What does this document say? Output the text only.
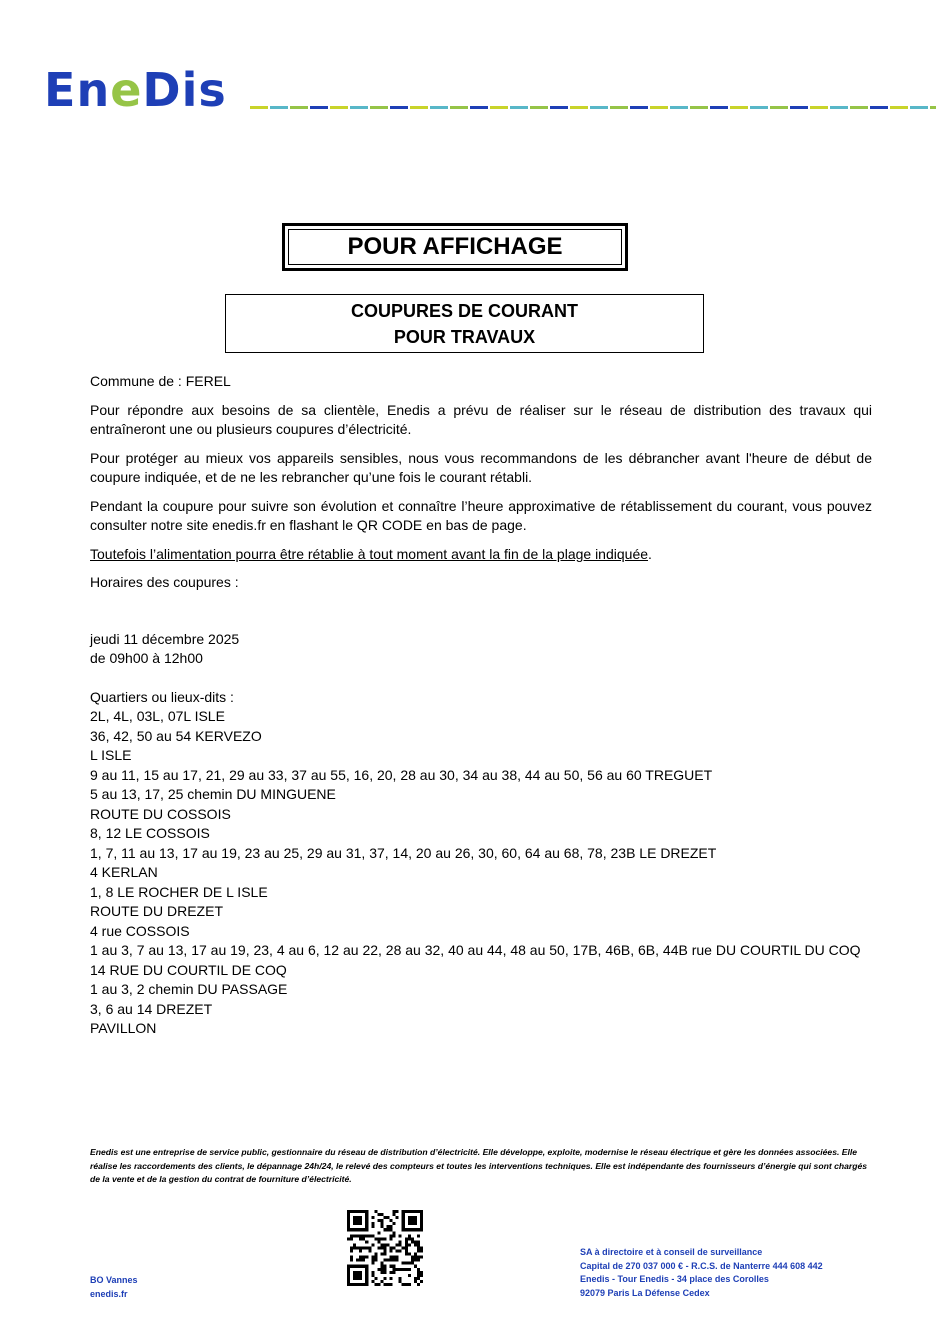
EneDis
POUR AFFICHAGE
COUPURES DE COURANT
POUR TRAVAUX

Commune de : FEREL

Pour répondre aux besoins de sa clientèle, Enedis a prévu de réaliser sur le réseau de distribution des travaux qui entraîneront une ou plusieurs coupures d’électricité.

Pour protéger au mieux vos appareils sensibles, nous vous recommandons de les débrancher avant l'heure de début de coupure indiquée, et de ne les rebrancher qu’une fois le courant rétabli.

Pendant la coupure pour suivre son évolution et connaître l’heure approximative de rétablissement du courant, vous pouvez consulter notre site enedis.fr en flashant le QR CODE en bas de page.

Toutefois l’alimentation pourra être rétablie à tout moment avant la fin de la plage indiquée.

Horaires des coupures :

jeudi 11 décembre 2025
de 09h00 à 12h00
Quartiers ou lieux-dits :
2L, 4L, 03L, 07L ISLE
36, 42, 50 au 54 KERVEZO
L ISLE
9 au 11, 15 au 17, 21, 29 au 33, 37 au 55, 16, 20, 28 au 30, 34 au 38, 44 au 50, 56 au 60 TREGUET
5 au 13, 17, 25 chemin DU MINGUENE
ROUTE DU COSSOIS
8, 12 LE COSSOIS
1, 7, 11 au 13, 17 au 19, 23 au 25, 29 au 31, 37, 14, 20 au 26, 30, 60, 64 au 68, 78, 23B LE DREZET
4 KERLAN
1, 8 LE ROCHER DE L ISLE
ROUTE DU DREZET
4 rue COSSOIS
1 au 3, 7 au 13, 17 au 19, 23, 4 au 6, 12 au 22, 28 au 32, 40 au 44, 48 au 50, 17B, 46B, 6B, 44B rue DU COURTIL DU COQ
14 RUE DU COURTIL DE COQ
1 au 3, 2 chemin DU PASSAGE
3, 6 au 14 DREZET
PAVILLON
Enedis est une entreprise de service public, gestionnaire du réseau de distribution d’électricité. Elle développe, exploite, modernise le réseau électrique et gère les données associées. Elle réalise les raccordements des clients, le dépannage 24h/24, le relevé des compteurs et toutes les interventions techniques. Elle est indépendante des fournisseurs d’énergie qui sont chargés de la vente et de la gestion du contrat de fourniture d’électricité.
BO Vannes
enedis.fr
SA à directoire et à conseil de surveillance
Capital de 270 037 000 € - R.C.S. de Nanterre 444 608 442
Enedis - Tour Enedis - 34 place des Corolles
92079 Paris La Défense Cedex
